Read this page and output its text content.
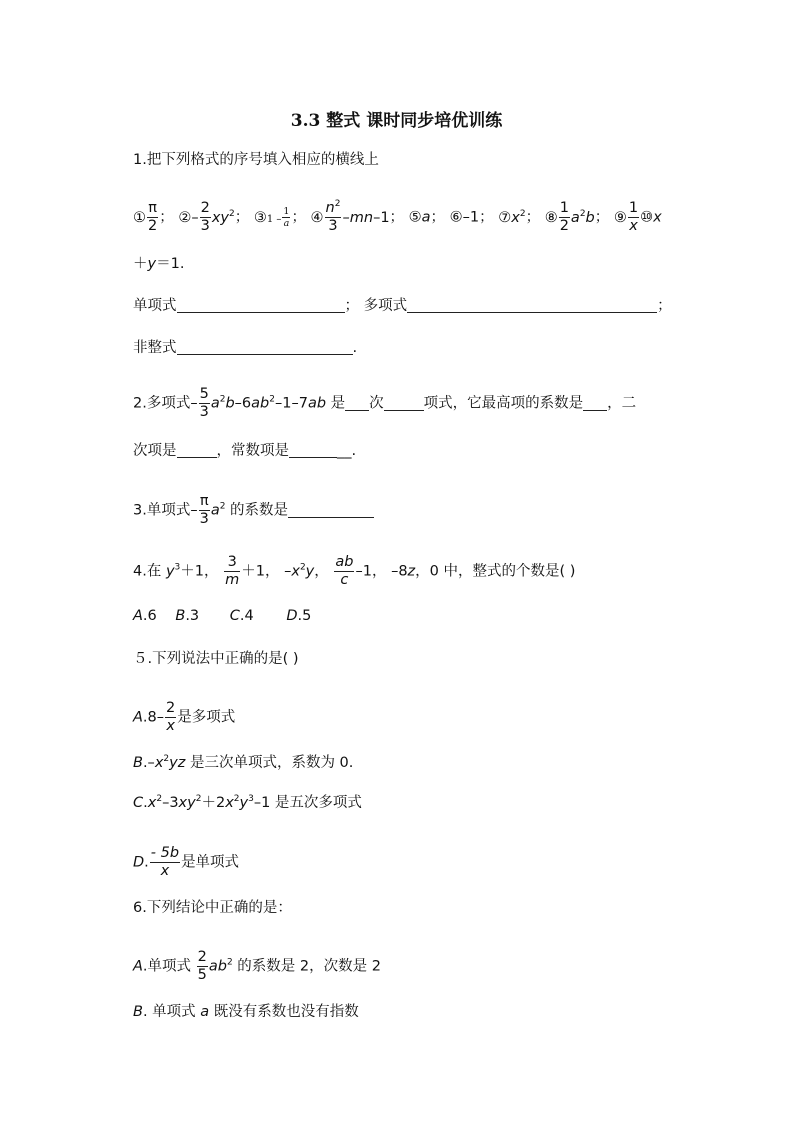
3.3 整式 课时同步培优训练
1.把下列格式的序号填入相应的横线上
① $\frac{\pi}{2}$ ； ②– $\frac{2}{3} xy^2$； ③1 – $\frac{1}{a}$ ； ④ $\frac{n^2}{3} -mn-1$； ⑤a； ⑥–1； $⑦x^2$； ⑧ $\frac{1}{2} a^2b$； ⑨ $\frac{1}{x}$ ⑩x
＋y＝1.
单项式	； 多项式	；
非整式	.
2.多项式– $\frac{5}{3} a^2b-6ab^2-1-7ab$ 是 次	项式，它最高项的系数是 ，二
次项是	，常数项是	__.
3.单项式– $\frac{\pi}{3} a^2$ 的系数是
4.在 $y^3+1$， $\frac{3}{m} +1$， $-x^2y$， $\frac{ab}{c} -1$， –8z，0 中，整式的个数是( )
A.6 B.3 C.4 D.5
５.下列说法中正确的是( )
$A.8- \frac{2}{x}$ 是多项式
$B.-x^2yz$ 是三次单项式，系数为 0.
$C.x^2-3xy^2+2x^2y^3-1$ 是五次多项式
D. $\frac{- 5b}{x}$ 是单项式
6.下列结论中正确的是：
A.单项式 $\frac{2}{5} ab^2$ 的系数是 2，次数是 2
B. 单项式 a 既没有系数也没有指数
